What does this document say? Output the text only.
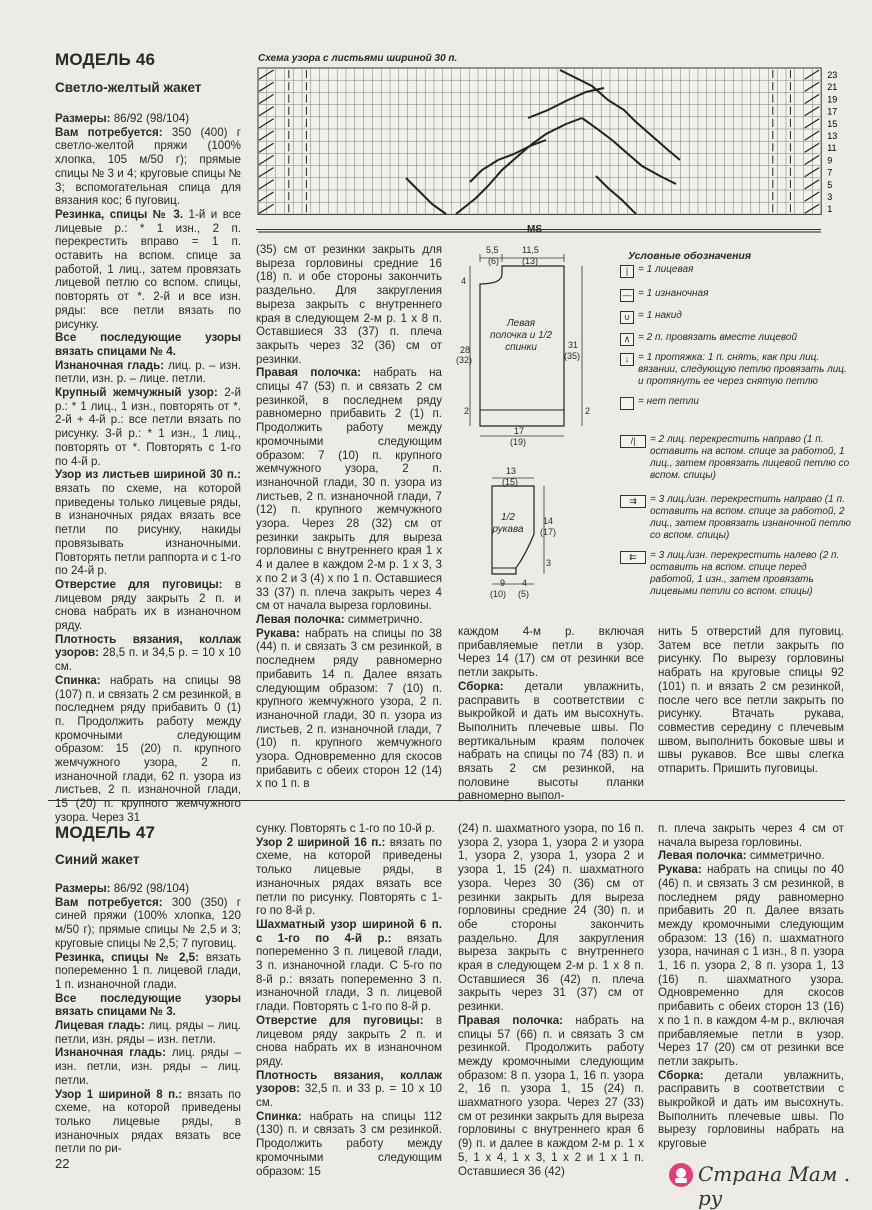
МОДЕЛЬ 46
Светло-желтый жакет

Размеры: 86/92 (98/104)

Вам потребуется: 350 (400) г светло-желтой пряжи (100% хлопка, 105 м/50 г); прямые спицы № 3 и 4; круговые спицы № 3; вспомогательная спица для вязания кос; 6 пуговиц.

Резинка, спицы № 3. 1-й и все лицевые р.: * 1 изн., 2 п. перекрестить вправо = 1 п. оставить на вспом. спице за работой, 1 лиц., затем провязать лицевой петлю со вспом. спицы, повторять от *. 2-й и все изн. ряды: все петли вязать по рисунку.

Все последующие узоры вязать спицами № 4.

Изнаночная гладь: лиц. р. – изн. петли, изн. р. – лице. петли.

Крупный жемчужный узор: 2-й р.: * 1 лиц., 1 изн., повторять от *. 2-й + 4-й р.: все петли вязать по рисунку. 3-й р.: * 1 изн., 1 лиц., повторять от *. Повторять с 1-го по 4-й р.

Узор из листьев шириной 30 п.: вязать по схеме, на которой приведены только лицевые ряды, в изнаночных рядах вязать все петли по рисунку, накиды провязывать изнаночными. Повторять петли раппорта и с 1-го по 24-й р.

Отверстие для пуговицы: в лицевом ряду закрыть 2 п. и снова набрать их в изнаночном ряду.

Плотность вязания, коллаж узоров: 28,5 п. и 34,5 р. = 10 х 10 см.

Спинка: набрать на спицы 98 (107) п. и связать 2 см резинкой, в последнем ряду прибавить 0 (1) п. Продолжить работу между кромочными следующим образом: 15 (20) п. крупного жемчужного узора, 2 п. изнаночной глади, 62 п. узора из листьев, 2 п. изнаночной глади, 15 (20) п. крупного жемчужного узора. Через 31

Схема узора с листьями шириной 30 п.
23
21
19
17
15
13
11
9
7
5
3
1
MS

(35) см от резинки закрыть для выреза горловины средние 16 (18) п. и обе стороны закончить раздельно. Для закругления выреза закрыть с внутреннего края в следующем 2-м р. 1 х 8 п. Оставшиеся 33 (37) п. плеча закрыть через 32 (36) см от резинки.

Правая полочка: набрать на спицы 47 (53) п. и связать 2 см резинкой, в последнем ряду равномерно прибавить 2 (1) п. Продолжить работу между кромочными следующим образом: 7 (10) п. крупного жемчужного узора, 2 п. изнаночной глади, 30 п. узора из листьев, 2 п. изнаночной глади, 7 (12) п. крупного жемчужного узора. Через 28 (32) см от резинки закрыть для выреза горловины с внутреннего края 1 х 4 и далее в каждом 2-м р. 1 х 3, 3 х по 2 и 3 (4) х по 1 п. Оставшиеся 33 (37) п. плеча закрыть через 4 см от начала выреза горловины.

Левая полочка: симметрично.

Рукава: набрать на спицы по 38 (44) п. и связать 3 см резинкой, в последнем ряду равномерно прибавить 14 п. Далее вязать следующим образом: 7 (10) п. крупного жемчужного узора, 2 п. изнаночной глади, 30 п. узора из листьев, 2 п. изнаночной глади, 7 (10) п. крупного жемчужного узора. Одновременно для скосов прибавить с обеих сторон 12 (14) х по 1 п. в

5,5
(6)
11,5
(13)
4
28
(32)
31
(35)
2	2
17
(19)
Левая полочка и 1/2 спинки
13
(15)
14
(17)
3
9
(10)
4
(5)
1/2 рукава
Условные обозначения
| = 1 лицевая
— = 1 изнаночная
∪ = 1 накид
∧ = 2 п. провязать вместе лицевой
↓ = 1 протяжка: 1 п. снять, как при лиц. вязании, следующую петлю провязать лиц. и протянуть ее через снятую петлю
= нет петли
/|	= 2 лиц. перекрестить направо (1 п. оставить на вспом. спице за работой, 1 лиц., затем провязать лицевой петлю со вспом. спицы)
⇉	= 3 лиц./изн. перекрестить направо (1 п. оставить на вспом. спице за работой, 2 лиц., затем провязать изнаночной петлю со вспом. спицы)
⇇	= 3 лиц./изн. перекрестить налево (2 п. оставить на вспом. спице перед работой, 1 изн., затем провязать лицевыми петли со вспом. спицы)

каждом 4-м р. включая прибавляемые петли в узор. Через 14 (17) см от резинки все петли закрыть.

Сборка: детали увлажнить, расправить в соответствии с выкройкой и дать им высохнуть. Выполнить плечевые швы. По вертикальным краям полочек набрать на спицы по 74 (83) п. и вязать 2 см резинкой, на половине высоты планки равномерно выпол-

нить 5 отверстий для пуговиц. Затем все петли закрыть по рисунку. По вырезу горловины набрать на круговые спицы 92 (101) п. и вязать 2 см резинкой, после чего все петли закрыть по рисунку. Втачать рукава, совместив середину с плечевым швом, выполнить боковые швы и швы рукавов. Все швы слегка отпарить. Пришить пуговицы.

МОДЕЛЬ 47
Синий жакет

Размеры: 86/92 (98/104)

Вам потребуется: 300 (350) г синей пряжи (100% хлопка, 120 м/50 г); прямые спицы № 2,5 и 3; круговые спицы № 2,5; 7 пуговиц.

Резинка, спицы № 2,5: вязать попеременно 1 п. лицевой глади, 1 п. изнаночной глади.

Все последующие узоры вязать спицами № 3.

Лицевая гладь: лиц. ряды – лиц. петли, изн. ряды – изн. петли.

Изнаночная гладь: лиц. ряды – изн. петли, изн. ряды – лиц. петли.

Узор 1 шириной 8 п.: вязать по схеме, на которой приведены только лицевые ряды, в изнаночных рядах вязать все петли по ри-

сунку. Повторять с 1-го по 10-й р.

Узор 2 шириной 16 п.: вязать по схеме, на которой приведены только лицевые ряды, в изнаночных рядах вязать все петли по рисунку. Повторять с 1-го по 8-й р.

Шахматный узор шириной 6 п. с 1-го по 4-й р.: вязать попеременно 3 п. лицевой глади, 3 п. изнаночной глади. С 5-го по 8-й р.: вязать попеременно 3 п. изнаночной глади, 3 п. лицевой глади. Повторять с 1-го по 8-й р.

Отверстие для пуговицы: в лицевом ряду закрыть 2 п. и снова набрать их в изнаночном ряду.

Плотность вязания, коллаж узоров: 32,5 п. и 33 р. = 10 х 10 см.

Спинка: набрать на спицы 112 (130) п. и связать 3 см резинкой. Продолжить работу между кромочными следующим образом: 15

(24) п. шахматного узора, по 16 п. узора 2, узора 1, узора 2 и узора 1, узора 2, узора 1, узора 2 и узора 1, 15 (24) п. шахматного узора. Через 30 (36) см от резинки закрыть для выреза горловины средние 24 (30) п. и обе стороны закончить раздельно. Для закругления выреза закрыть с внутреннего края в следующем 2-м р. 1 х 8 п. Оставшиеся 36 (42) п. плеча закрыть через 31 (37) см от резинки.

Правая полочка: набрать на спицы 57 (66) п. и связать 3 см резинкой. Продолжить работу между кромочными следующим образом: 8 п. узора 1, 16 п. узора 2, 16 п. узора 1, 15 (24) п. шахматного узора. Через 27 (33) см от резинки закрыть для выреза горловины с внутреннего края 6 (9) п. и далее в каждом 2-м р. 1 х 5, 1 х 4, 1 х 3, 1 х 2 и 1 х 1 п. Оставшиеся 36 (42)

п. плеча закрыть через 4 см от начала выреза горловины.

Левая полочка: симметрично.

Рукава: набрать на спицы по 40 (46) п. и связать 3 см резинкой, в последнем ряду равномерно прибавить 20 п. Далее вязать между кромочными следующим образом: 13 (16) п. шахматного узора, начиная с 1 изн., 8 п. узора 1, 16 п. узора 2, 8 п. узора 1, 13 (16) п. шахматного узора. Одновременно для скосов прибавить с обеих сторон 13 (16) х по 1 п. в каждом 4-м р., включая прибавляемые петли в узор. Через 17 (20) см от резинки все петли закрыть.

Сборка: детали увлажнить, расправить в соответствии с выкройкой и дать им высохнуть. Выполнить плечевые швы. По вырезу горловины набрать на круговые

22	Страна Мам . ру
